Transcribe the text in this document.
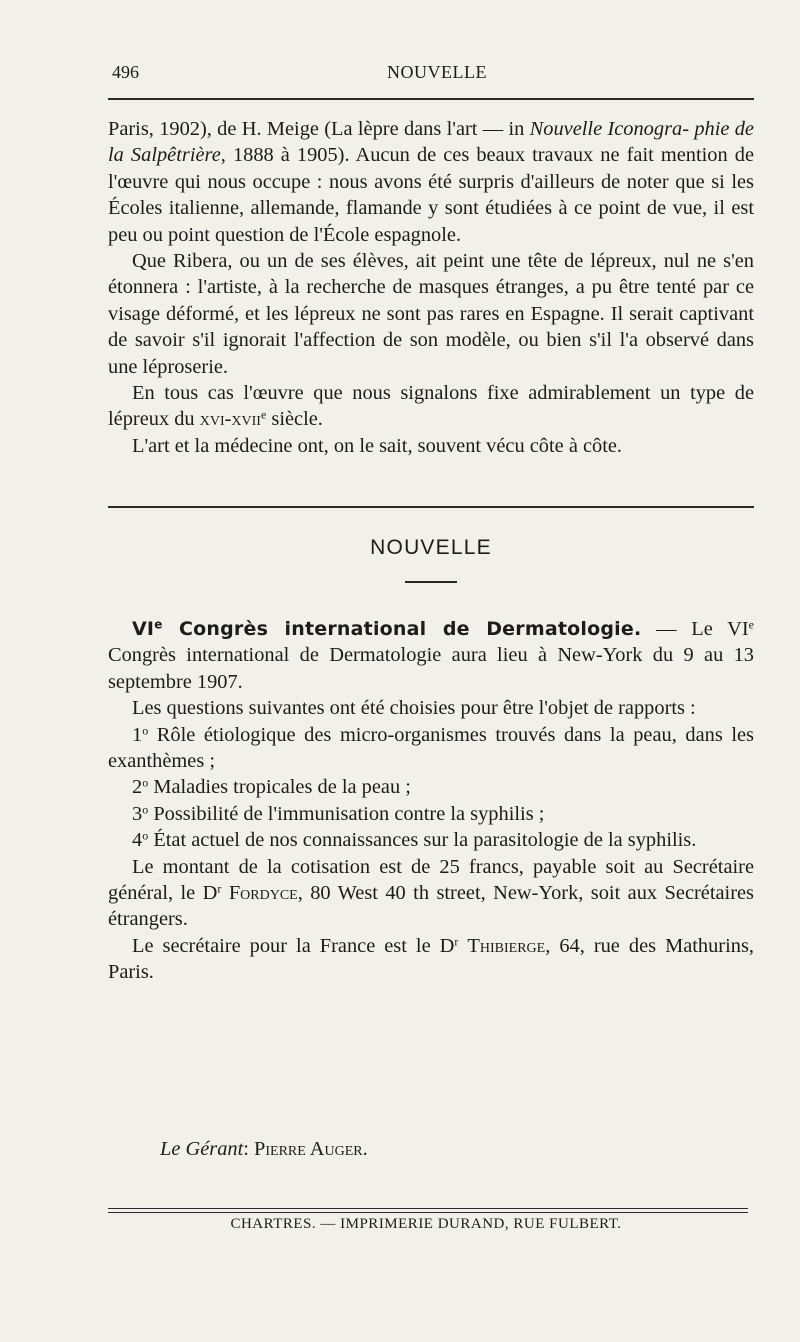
496	NOUVELLE

Paris, 1902), de H. Meige (La lèpre dans l'art — in Nouvelle Iconogra- phie de la Salpêtrière, 1888 à 1905). Aucun de ces beaux travaux ne fait mention de l'œuvre qui nous occupe : nous avons été surpris d'ailleurs de noter que si les Écoles italienne, allemande, flamande y sont étudiées à ce point de vue, il est peu ou point question de l'École espagnole.

Que Ribera, ou un de ses élèves, ait peint une tête de lépreux, nul ne s'en étonnera : l'artiste, à la recherche de masques étranges, a pu être tenté par ce visage déformé, et les lépreux ne sont pas rares en Espagne. Il serait captivant de savoir s'il ignorait l'affection de son modèle, ou bien s'il l'a observé dans une léproserie.

En tous cas l'œuvre que nous signalons fixe admirablement un type de lépreux du xvi-xvii$^e$ siècle.

L'art et la médecine ont, on le sait, souvent vécu côte à côte.

NOUVELLE

VIe Congrès international de Dermatologie. — Le VIe Congrès international de Dermatologie aura lieu à New-York du 9 au 13 septembre 1907.

Les questions suivantes ont été choisies pour être l'objet de rapports :

1$^o$ Rôle étiologique des micro-organismes trouvés dans la peau, dans les exanthèmes ;

2$^o$ Maladies tropicales de la peau ;

3$^o$ Possibilité de l'immunisation contre la syphilis ;

4$^o$ État actuel de nos connaissances sur la parasitologie de la syphilis.

Le montant de la cotisation est de 25 francs, payable soit au Secrétaire général, le $D^r$ Fordyce, 80 West 40 th street, New-York, soit aux Secrétaires étrangers.

Le secrétaire pour la France est le $D^r$ Thibierge, 64, rue des Mathurins, Paris.

Le Gérant: Pierre Auger.
CHARTRES. — IMPRIMERIE DURAND, RUE FULBERT.
